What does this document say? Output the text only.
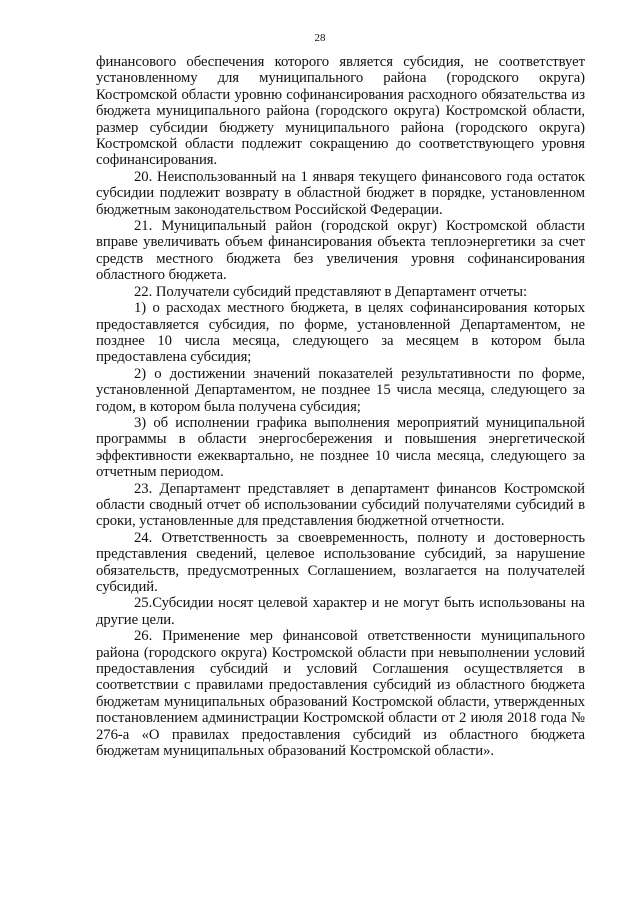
28

финансового обеспечения которого является субсидия, не соответствует установленному для муниципального района (городского округа) Костромской области уровню софинансирования расходного обязательства из бюджета муниципального района (городского округа) Костромской области, размер субсидии бюджету муниципального района (городского округа) Костромской области подлежит сокращению до соответствующего уровня софинансирования.

20. Неиспользованный на 1 января текущего финансового года остаток субсидии подлежит возврату в областной бюджет в порядке, установленном бюджетным законодательством Российской Федерации.

21. Муниципальный район (городской округ) Костромской области вправе увеличивать объем финансирования объекта теплоэнергетики за счет средств местного бюджета без увеличения уровня софинансирования областного бюджета.

22. Получатели субсидий представляют в Департамент отчеты:

1) о расходах местного бюджета, в целях софинансирования которых предоставляется субсидия, по форме, установленной Департаментом, не позднее 10 числа месяца, следующего за месяцем в котором была предоставлена субсидия;

2) о достижении значений показателей результативности по форме, установленной Департаментом, не позднее 15 числа месяца, следующего за годом, в котором была получена субсидия;

3) об исполнении графика выполнения мероприятий муниципальной программы в области энергосбережения и повышения энергетической эффективности ежеквартально, не позднее 10 числа месяца, следующего за отчетным периодом.

23. Департамент представляет в департамент финансов Костромской области сводный отчет об использовании субсидий получателями субсидий в сроки, установленные для представления бюджетной отчетности.

24. Ответственность за своевременность, полноту и достоверность представления сведений, целевое использование субсидий, за нарушение обязательств, предусмотренных Соглашением, возлагается на получателей субсидий.

25.Субсидии носят целевой характер и не могут быть использованы на другие цели.

26. Применение мер финансовой ответственности муниципального района (городского округа) Костромской области при невыполнении условий предоставления субсидий и условий Соглашения осуществляется в соответствии с правилами предоставления субсидий из областного бюджета бюджетам муниципальных образований Костромской области, утвержденных постановлением администрации Костромской области от 2 июля 2018 года № 276-а «О правилах предоставления субсидий из областного бюджета бюджетам муниципальных образований Костромской области».
